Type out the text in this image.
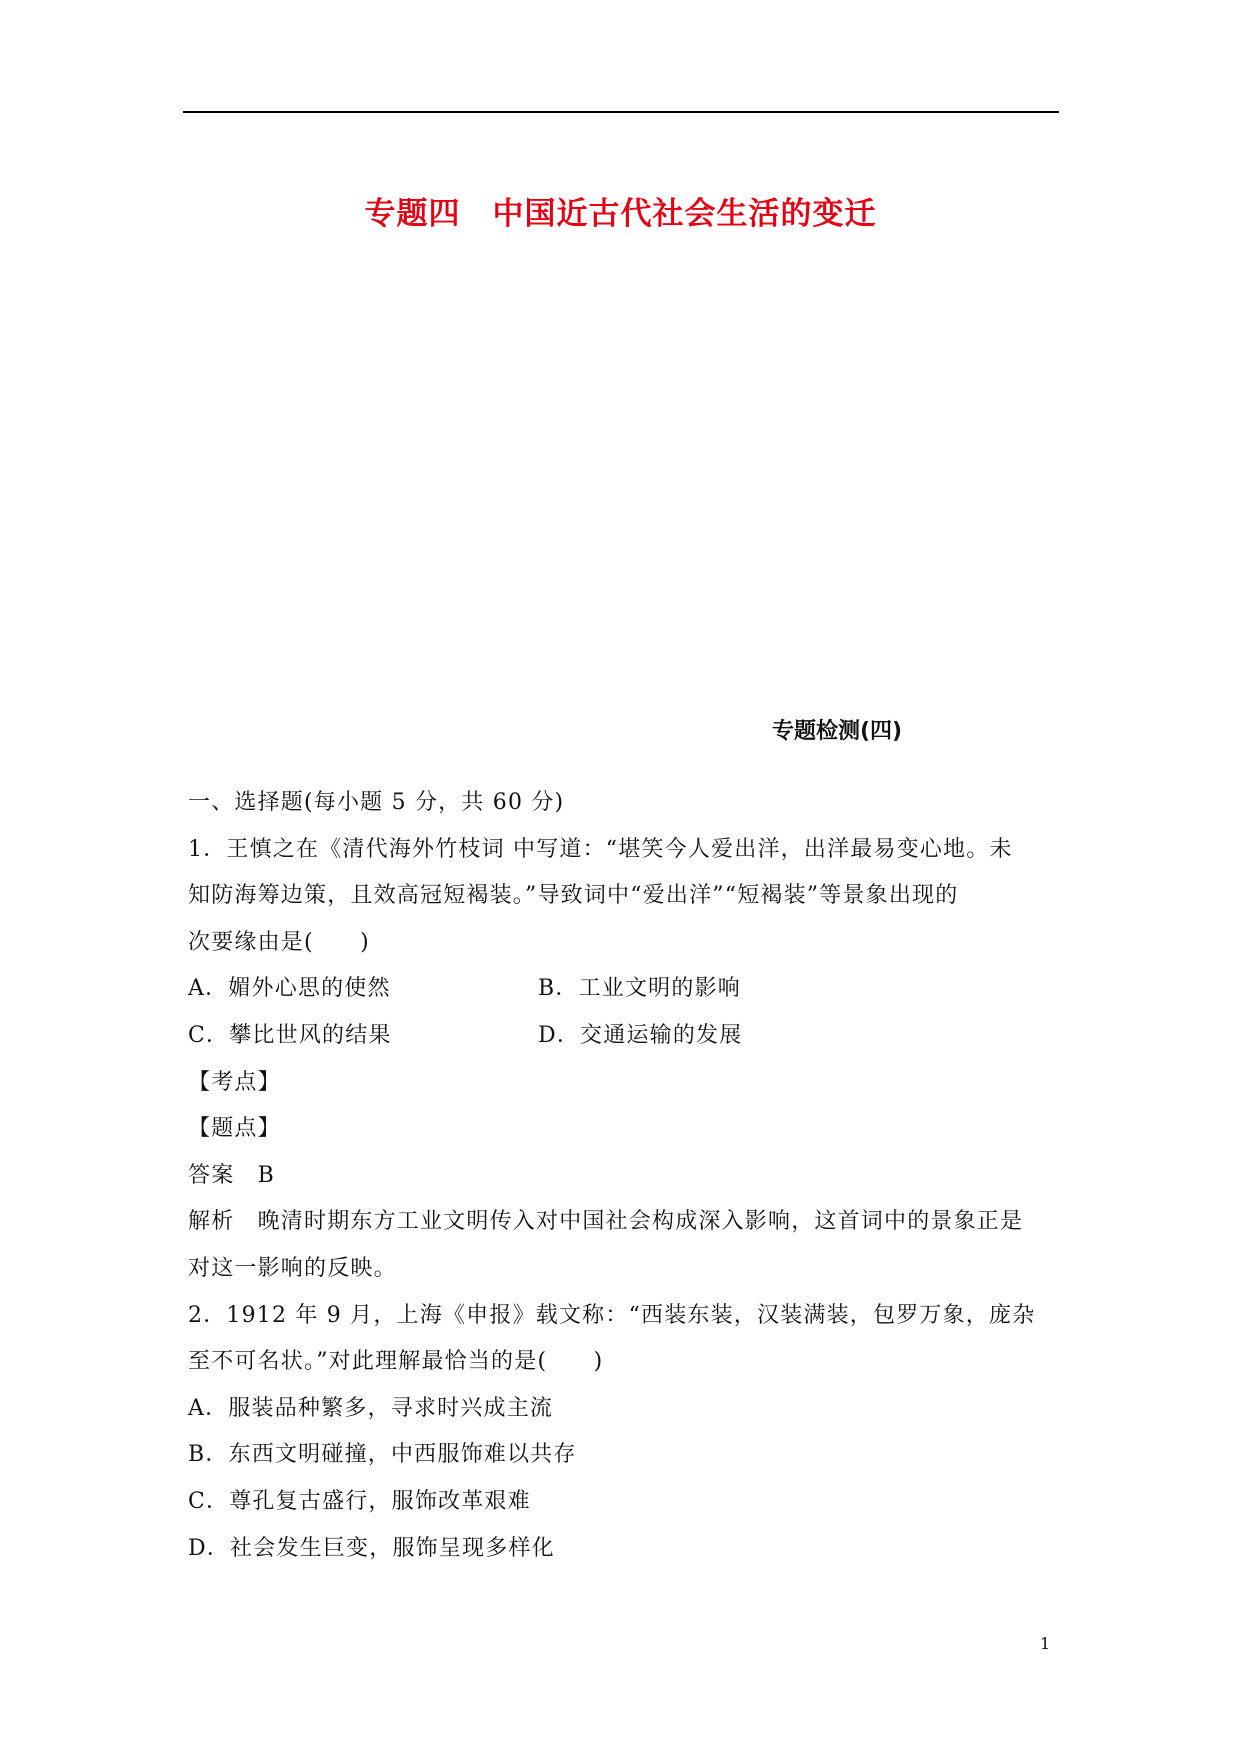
专题四　中国近古代社会生活的变迁
专题检测(四)

一、选择题(每小题 5 分，共 60 分)

1．王慎之在《清代海外竹枝词 中写道：“堪笑今人爱出洋，出洋最易变心地。未

知防海筹边策，且效高冠短褐装。”导致词中“爱出洋”“短褐装”等景象出现的

次要缘由是(　　)

A．媚外心思的使然	B．工业文明的影响
C．攀比世风的结果	D．交通运输的发展

【考点】

【题点】

答案　B

解析　晚清时期东方工业文明传入对中国社会构成深入影响，这首词中的景象正是

对这一影响的反映。

2．1912 年 9 月，上海《申报》载文称：“西装东装，汉装满装，包罗万象，庞杂

至不可名状。”对此理解最恰当的是(　　)

A．服装品种繁多，寻求时兴成主流

B．东西文明碰撞，中西服饰难以共存

C．尊孔复古盛行，服饰改革艰难

D．社会发生巨变，服饰呈现多样化

1
